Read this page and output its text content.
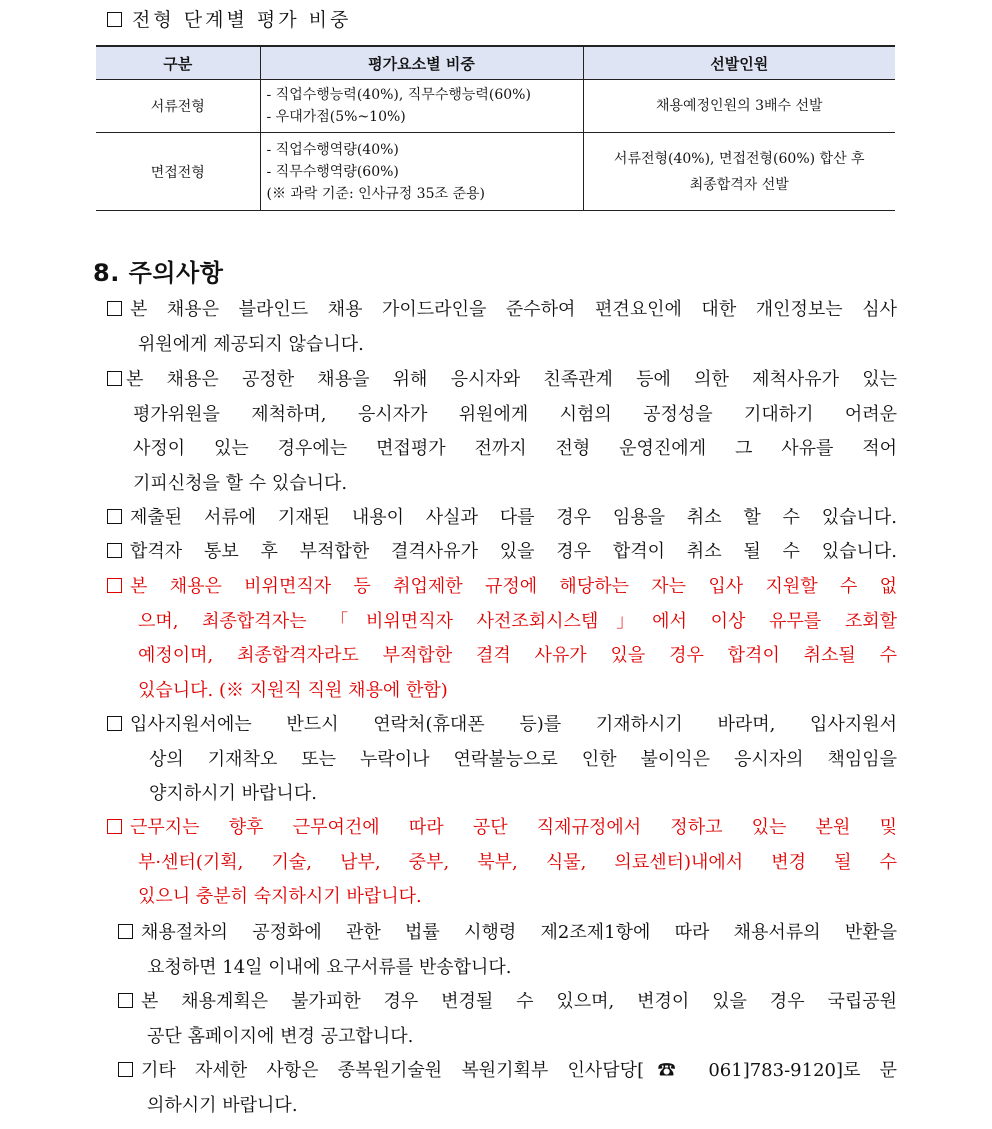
전형 단계별 평가 비중
구분	평가요소별 비중	선발인원
서류전형	- 직업수행능력(40%), 직무수행능력(60%)
- 우대가점(5%~10%)	채용예정인원의 3배수 선발

면접전형	- 직업수행역량(40%)
- 직무수행역량(60%)
(※ 과락 기준: 인사규정 35조 준용)	서류전형(40%), 면접전형(60%) 합산 후
최종합격자 선발
8. 주의사항
본 채용은 블라인드 채용 가이드라인을 준수하여 편견요인에 대한 개인정보는 심사
위원에게 제공되지 않습니다.
본 채용은 공정한 채용을 위해 응시자와 친족관계 등에 의한 제척사유가 있는
평가위원을 제척하며, 응시자가 위원에게 시험의 공정성을 기대하기 어려운
사정이 있는 경우에는 면접평가 전까지 전형 운영진에게 그 사유를 적어
기피신청을 할 수 있습니다.
제출된 서류에 기재된 내용이 사실과 다를 경우 임용을 취소 할 수 있습니다.
합격자 통보 후 부적합한 결격사유가 있을 경우 합격이 취소 될 수 있습니다.
본 채용은 비위면직자 등 취업제한 규정에 해당하는 자는 입사 지원할 수 없
으며, 최종합격자는 「비위면직자 사전조회시스템」에서 이상 유무를 조회할
예정이며, 최종합격자라도 부적합한 결격 사유가 있을 경우 합격이 취소될 수
있습니다. (※ 지원직 직원 채용에 한함)
입사지원서에는 반드시 연락처(휴대폰 등)를 기재하시기 바라며, 입사지원서
상의 기재착오 또는 누락이나 연락불능으로 인한 불이익은 응시자의 책임임을
양지하시기 바랍니다.
근무지는 향후 근무여건에 따라 공단 직제규정에서 정하고 있는 본원 및
부·센터(기획, 기술, 남부, 중부, 북부, 식물, 의료센터)내에서 변경 될 수
있으니 충분히 숙지하시기 바랍니다.
채용절차의 공정화에 관한 법률 시행령 제2조제1항에 따라 채용서류의 반환을
요청하면 14일 이내에 요구서류를 반송합니다.
본 채용계획은 불가피한 경우 변경될 수 있으며, 변경이 있을 경우 국립공원
공단 홈페이지에 변경 공고합니다.
기타 자세한 사항은 종복원기술원 복원기획부 인사담당[☎ 061]783-9120]로 문
의하시기 바랍니다.
